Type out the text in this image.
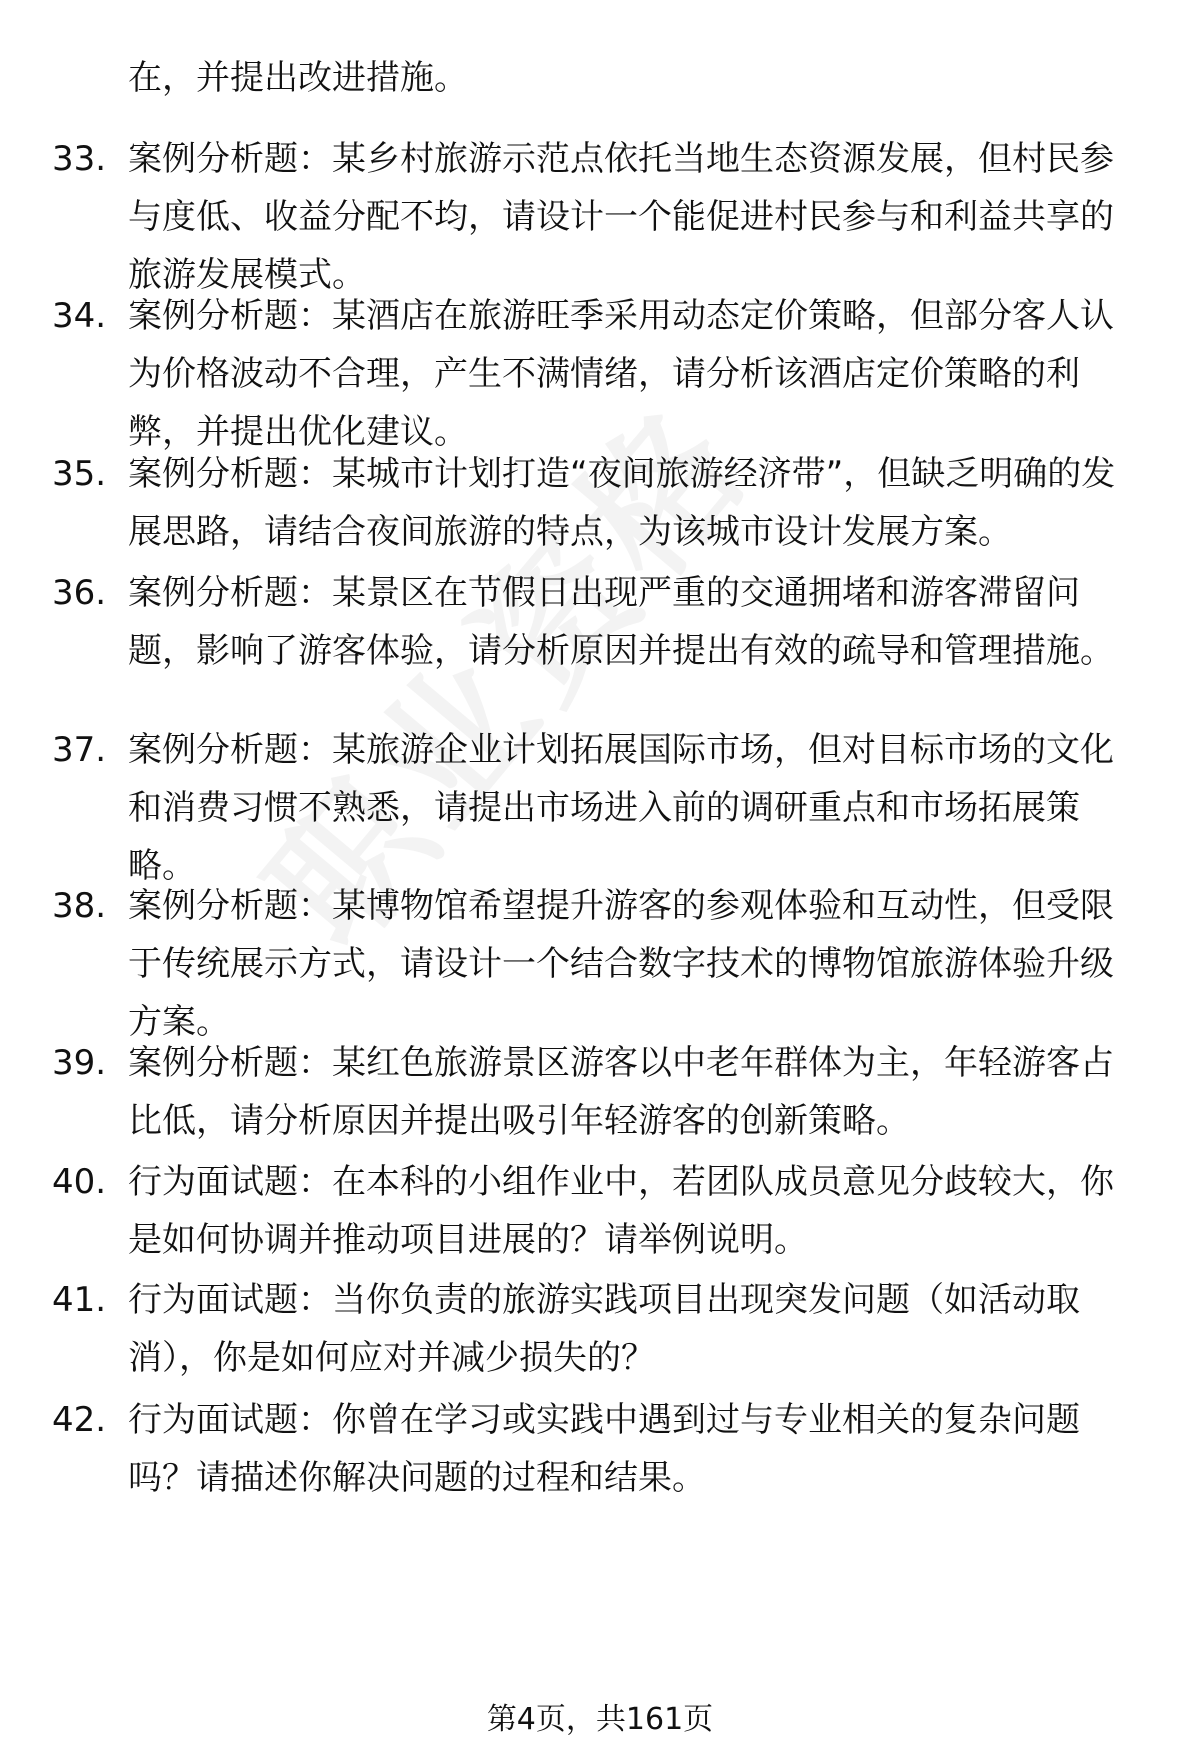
在，并提出改进措施。
33. 案例分析题：某乡村旅游示范点依托当地生态资源发展，但村民参与度低、收益分配不均，请设计一个能促进村民参与和利益共享的旅游发展模式。
34. 案例分析题：某酒店在旅游旺季采用动态定价策略，但部分客人认为价格波动不合理，产生不满情绪，请分析该酒店定价策略的利弊，并提出优化建议。
35. 案例分析题：某城市计划打造“夜间旅游经济带”，但缺乏明确的发展思路，请结合夜间旅游的特点，为该城市设计发展方案。
36. 案例分析题：某景区在节假日出现严重的交通拥堵和游客滞留问题，影响了游客体验，请分析原因并提出有效的疏导和管理措施。
37. 案例分析题：某旅游企业计划拓展国际市场，但对目标市场的文化和消费习惯不熟悉，请提出市场进入前的调研重点和市场拓展策略。
38. 案例分析题：某博物馆希望提升游客的参观体验和互动性，但受限于传统展示方式，请设计一个结合数字技术的博物馆旅游体验升级方案。
39. 案例分析题：某红色旅游景区游客以中老年群体为主，年轻游客占比低，请分析原因并提出吸引年轻游客的创新策略。
40. 行为面试题：在本科的小组作业中，若团队成员意见分歧较大，你是如何协调并推动项目进展的？请举例说明。
41. 行为面试题：当你负责的旅游实践项目出现突发问题（如活动取消），你是如何应对并减少损失的？
42. 行为面试题：你曾在学习或实践中遇到过与专业相关的复杂问题吗？请描述你解决问题的过程和结果。
第4页，共161页
